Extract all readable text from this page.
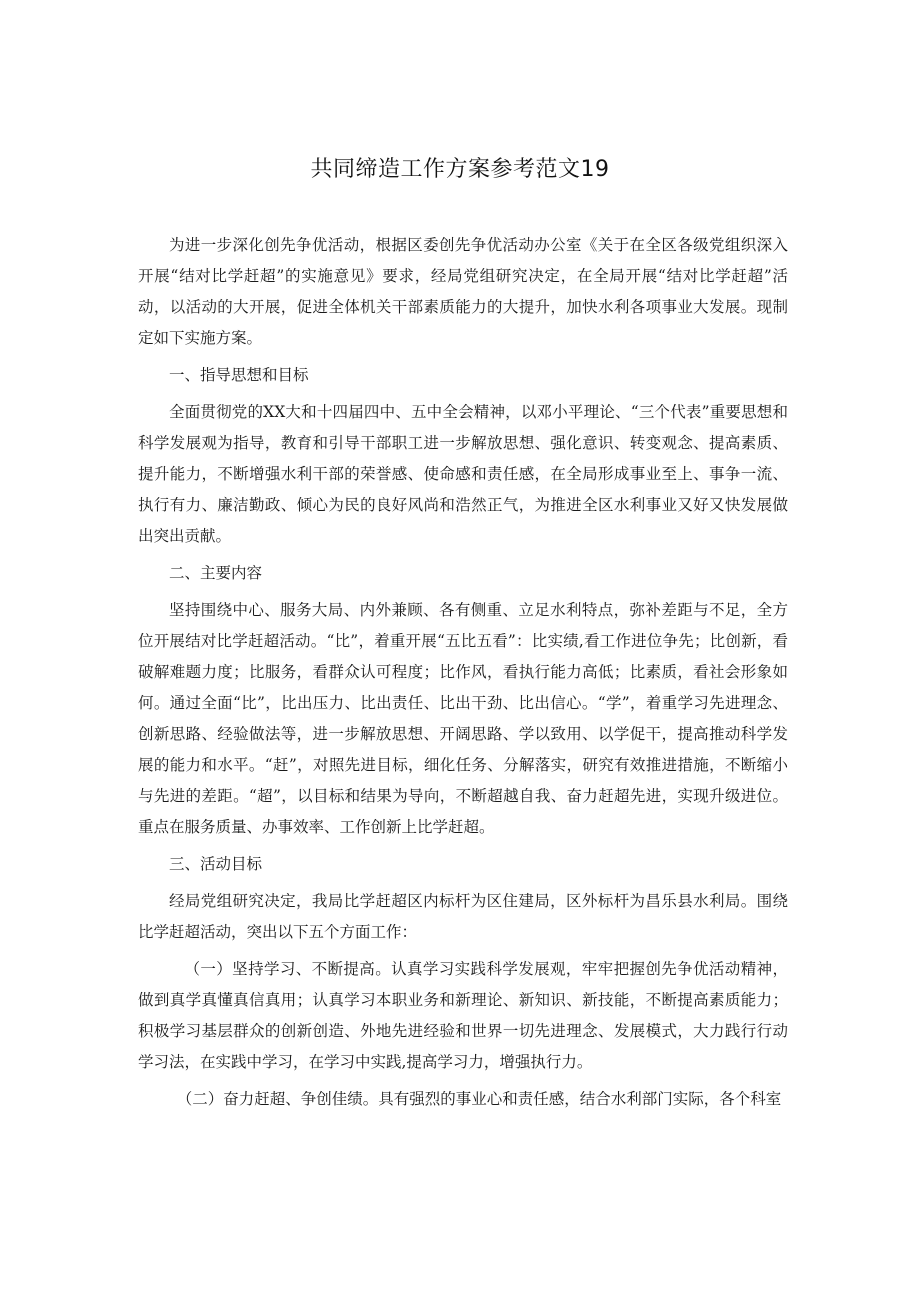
共同缔造工作方案参考范文19

为进一步深化创先争优活动，根据区委创先争优活动办公室《关于在全区各级党组织深入开展“结对比学赶超”的实施意见》要求，经局党组研究决定，在全局开展“结对比学赶超”活动，以活动的大开展，促进全体机关干部素质能力的大提升，加快水利各项事业大发展。现制定如下实施方案。

一、指导思想和目标

全面贯彻党的XX大和十四届四中、五中全会精神，以邓小平理论、“三个代表”重要思想和科学发展观为指导，教育和引导干部职工进一步解放思想、强化意识、转变观念、提高素质、提升能力，不断增强水利干部的荣誉感、使命感和责任感，在全局形成事业至上、事争一流、执行有力、廉洁勤政、倾心为民的良好风尚和浩然正气，为推进全区水利事业又好又快发展做出突出贡献。

二、主要内容

坚持围绕中心、服务大局、内外兼顾、各有侧重、立足水利特点，弥补差距与不足，全方位开展结对比学赶超活动。“比”，着重开展“五比五看”：比实绩,看工作进位争先；比创新，看破解难题力度；比服务，看群众认可程度；比作风，看执行能力高低；比素质，看社会形象如何。通过全面“比”，比出压力、比出责任、比出干劲、比出信心。“学”，着重学习先进理念、创新思路、经验做法等，进一步解放思想、开阔思路、学以致用、以学促干，提高推动科学发展的能力和水平。“赶”，对照先进目标，细化任务、分解落实，研究有效推进措施，不断缩小与先进的差距。“超”，以目标和结果为导向，不断超越自我、奋力赶超先进，实现升级进位。重点在服务质量、办事效率、工作创新上比学赶超。

三、活动目标

经局党组研究决定，我局比学赶超区内标杆为区住建局，区外标杆为昌乐县水利局。围绕比学赶超活动，突出以下五个方面工作：

（一）坚持学习、不断提高。认真学习实践科学发展观，牢牢把握创先争优活动精神，做到真学真懂真信真用；认真学习本职业务和新理论、新知识、新技能，不断提高素质能力；积极学习基层群众的创新创造、外地先进经验和世界一切先进理念、发展模式，大力践行行动学习法，在实践中学习，在学习中实践,提高学习力，增强执行力。

（二）奋力赶超、争创佳绩。具有强烈的事业心和责任感，结合水利部门实际，各个科室
